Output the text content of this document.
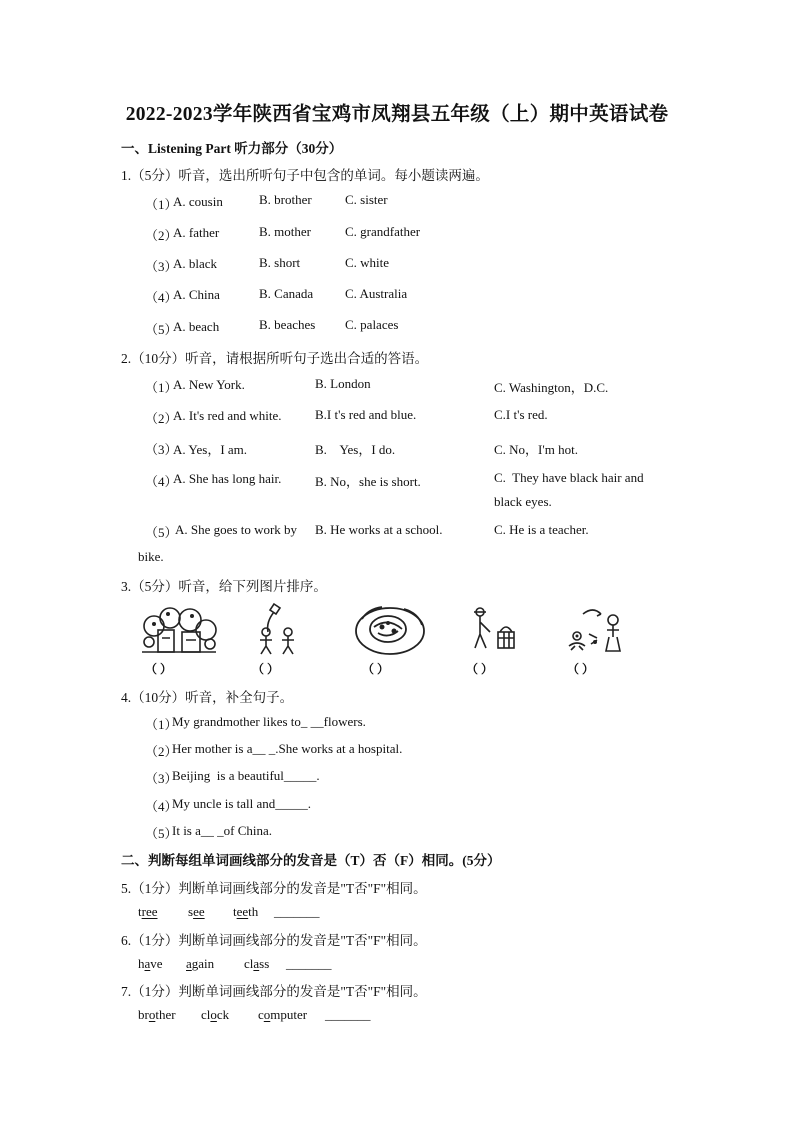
2022-2023学年陕西省宝鸡市凤翔县五年级（上）期中英语试卷
一、Listening Part 听力部分（30分）
1.（5分）听音，选出所听句子中包含的单词。每小题读两遍。
（1）
A. cousin	B. brother	C. sister
（2）
A. father	B. mother	C. grandfather
（3）
A. black	B. short	C. white
（4）
A. China	B. Canada C. Australia
（5）
A. beach	B. beaches C. palaces
2.（10分）听音，请根据所听句子选出合适的答语。
（1）
A. New York.	B. London	C. Washington，D.C.
（2）
A. It's red and white.	B.I t's red and blue.	C.I t's red.
（3）
A. Yes，I am.	B.    Yes，I do.	C. No，I'm hot.
（4）
A. She has long hair.	B. No，she is short.	C.  They have black hair and
black eyes.
（5）
A. She goes to work by
bike.
B. He works at a school.	C. He is a teacher.
3.（5分）听音，给下列图片排序。
（ ）	（ ）	（ ）	（ ）	（ ）
4.（10分）听音，补全句子。
（1）
My grandmother likes to_ __flowers.
（2）
Her mother is a__ _.She works at a hospital.
（3）
Beijing  is a beautiful_____.
（4）
My uncle is tall and_____.
（5）
It is a__ _of China.
二、判断每组单词画线部分的发音是（T）否（F）相同。(5分）
5.（1分）判断单词画线部分的发音是"T否"F"相同。
tree see teeth _______
6.（1分）判断单词画线部分的发音是"T否"F"相同。
have again class _______
7.（1分）判断单词画线部分的发音是"T否"F"相同。
brother clock computer _______
